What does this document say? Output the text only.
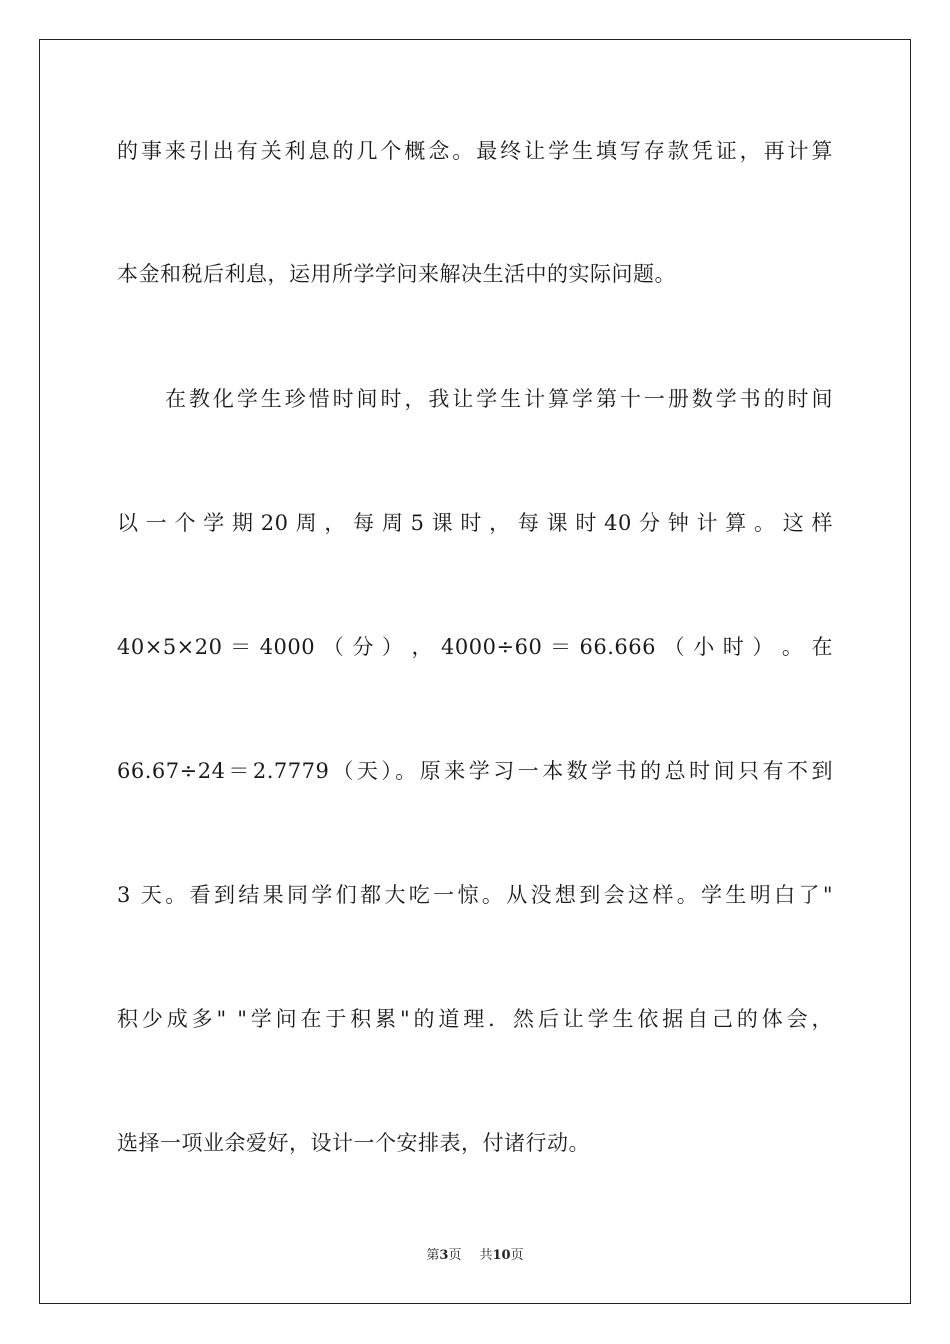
的事来引出有关利息的几个概念。最终让学生填写存款凭证，再计算
本金和税后利息，运用所学学问来解决生活中的实际问题。
在教化学生珍惜时间时，我让学生计算学第十一册数学书的时间
以 一 个 学 期 20 周 ， 每 周 5 课 时 ， 每 课 时 40 分 钟 计 算 。 这 样
40×5×20 ＝ 4000 （ 分 ） ， 4000÷60 ＝ 66.666 （ 小 时 ） 。 在
66.67÷24＝2.7779（天）。原来学习一本数学书的总时间只有不到
3 天。看到结果同学们都大吃一惊。从没想到会这样。学生明白了"
积少成多" "学问在于积累"的道理．然后让学生依据自己的体会，
选择一项业余爱好，设计一个安排表，付诸行动。
第3页 共10页
